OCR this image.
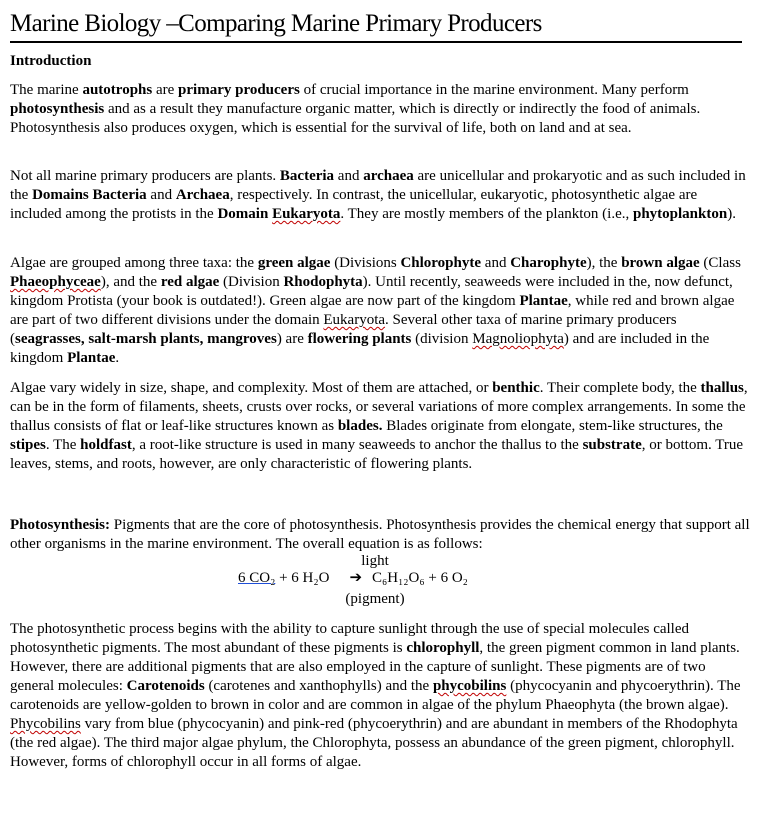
Marine Biology –Comparing Marine Primary Producers
Introduction

The marine autotrophs are primary producers of crucial importance in the marine environment. Many perform photosynthesis and as a result they manufacture organic matter, which is directly or indirectly the food of animals. Photosynthesis also produces oxygen, which is essential for the survival of life, both on land and at sea.

Not all marine primary producers are plants. Bacteria and archaea are unicellular and prokaryotic and as such included in the Domains Bacteria and Archaea, respectively. In contrast, the unicellular, eukaryotic, photosynthetic algae are included among the protists in the Domain Eukaryota. They are mostly members of the plankton (i.e., phytoplankton).

Algae are grouped among three taxa: the green algae (Divisions Chlorophyte and Charophyte), the brown algae (Class Phaeophyceae), and the red algae (Division Rhodophyta). Until recently, seaweeds were included in the, now defunct, kingdom Protista (your book is outdated!). Green algae are now part of the kingdom Plantae, while red and brown algae are part of two different divisions under the domain Eukaryota. Several other taxa of marine primary producers (seagrasses, salt-marsh plants, mangroves) are flowering plants (division Magnoliophyta) and are included in the kingdom Plantae.

Algae vary widely in size, shape, and complexity. Most of them are attached, or benthic. Their complete body, the thallus, can be in the form of filaments, sheets, crusts over rocks, or several variations of more complex arrangements. In some the thallus consists of flat or leaf-like structures known as blades. Blades originate from elongate, stem-like structures, the stipes. The holdfast, a root-like structure is used in many seaweeds to anchor the thallus to the substrate, or bottom. True leaves, stems, and roots, however, are only characteristic of flowering plants.

Photosynthesis: Pigments that are the core of photosynthesis. Photosynthesis provides the chemical energy that support all other organisms in the marine environment. The overall equation is as follows:

light
6 CO₂ + 6 H₂O ➔ C₆H₁₂O₆ + 6 O₂
(pigment)

The photosynthetic process begins with the ability to capture sunlight through the use of special molecules called photosynthetic pigments. The most abundant of these pigments is chlorophyll, the green pigment common in land plants. However, there are additional pigments that are also employed in the capture of sunlight. These pigments are of two general molecules: Carotenoids (carotenes and xanthophylls) and the phycobilins (phycocyanin and phycoerythrin). The carotenoids are yellow-golden to brown in color and are common in algae of the phylum Phaeophyta (the brown algae). Phycobilins vary from blue (phycocyanin) and pink-red (phycoerythrin) and are abundant in members of the Rhodophyta (the red algae). The third major algae phylum, the Chlorophyta, possess an abundance of the green pigment, chlorophyll. However, forms of chlorophyll occur in all forms of algae.
